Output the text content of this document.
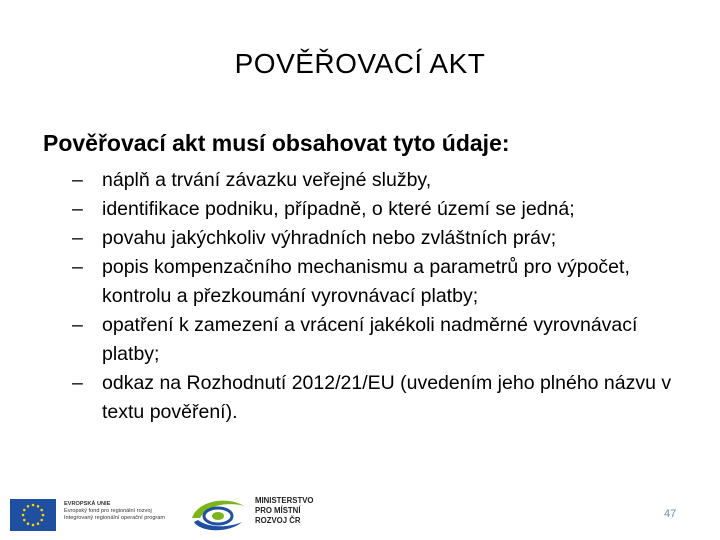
POVĚŘOVACÍ AKT
Pověřovací akt musí obsahovat tyto údaje:
– náplň a trvání závazku veřejné služby,
– identifikace podniku, případně, o které území se jedná;
– povahu jakýchkoliv výhradních nebo zvláštních práv;
– popis kompenzačního mechanismu a parametrů pro výpočet, kontrolu a přezkoumání vyrovnávací platby;
– opatření k zamezení a vrácení jakékoli nadměrné vyrovnávací platby;
– odkaz na Rozhodnutí 2012/21/EU (uvedením jeho plného názvu v textu pověření).
EVROPSKÁ UNIE
Evropský fond pro regionální rozvoj
Integrovaný regionální operační program
MINISTERSTVO
PRO MÍSTNÍ
ROZVOJ ČR
47
